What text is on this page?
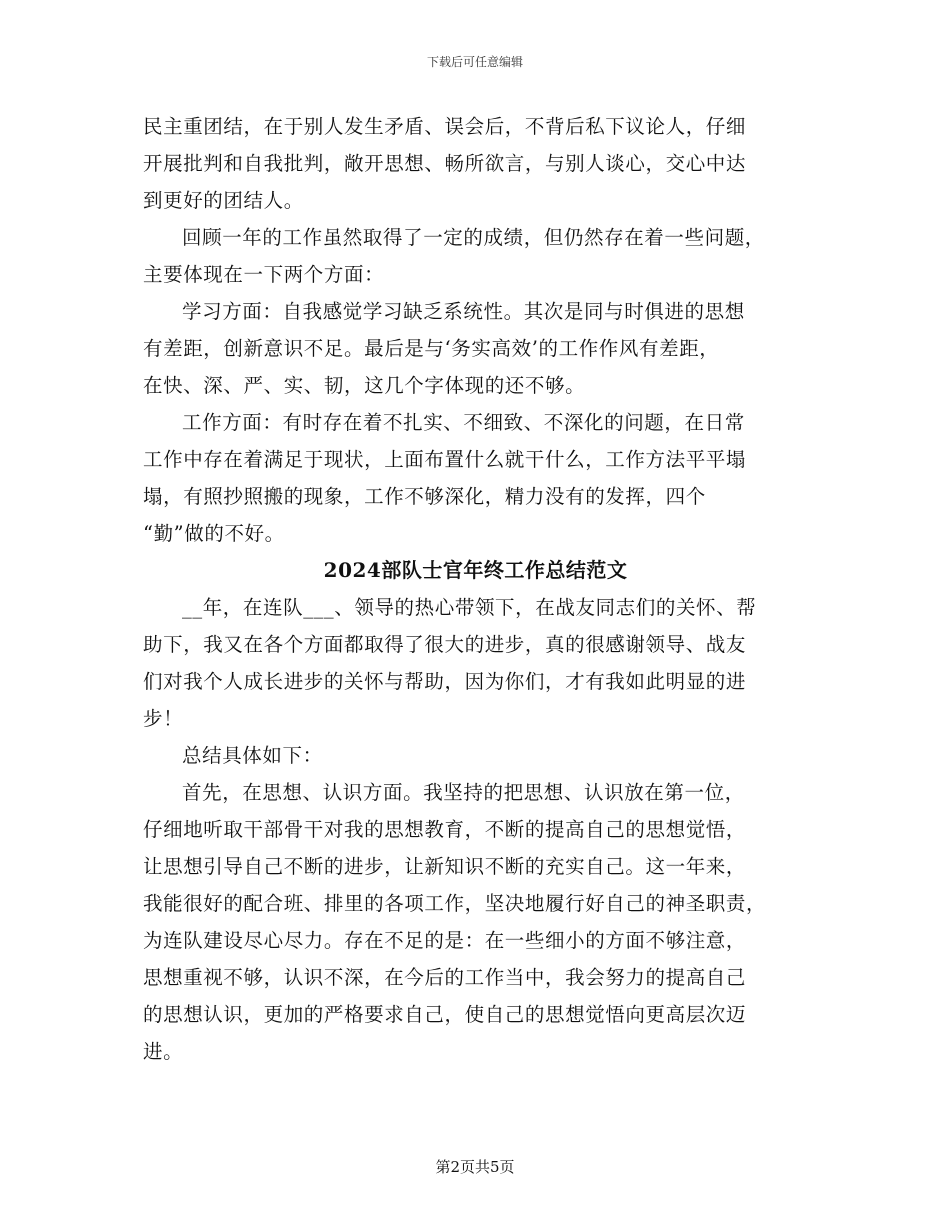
下载后可任意编辑

民主重团结，在于别人发生矛盾、误会后，不背后私下议论人，仔细
开展批判和自我批判，敞开思想、畅所欲言，与别人谈心，交心中达
到更好的团结人。

回顾一年的工作虽然取得了一定的成绩，但仍然存在着一些问题，
主要体现在一下两个方面：

学习方面：自我感觉学习缺乏系统性。其次是同与时俱进的思想
有差距，创新意识不足。最后是与‘务实高效’的工作作风有差距，
在快、深、严、实、韧，这几个字体现的还不够。

工作方面：有时存在着不扎实、不细致、不深化的问题，在日常
工作中存在着满足于现状，上面布置什么就干什么，工作方法平平塌
塌，有照抄照搬的现象，工作不够深化，精力没有的发挥，四个
“勤”做的不好。

2024部队士官年终工作总结范文

__年，在连队___、领导的热心带领下，在战友同志们的关怀、帮
助下，我又在各个方面都取得了很大的进步，真的很感谢领导、战友
们对我个人成长进步的关怀与帮助，因为你们，才有我如此明显的进
步！

总结具体如下：

首先，在思想、认识方面。我坚持的把思想、认识放在第一位，
仔细地听取干部骨干对我的思想教育，不断的提高自己的思想觉悟，
让思想引导自己不断的进步，让新知识不断的充实自己。这一年来，
我能很好的配合班、排里的各项工作，坚决地履行好自己的神圣职责，
为连队建设尽心尽力。存在不足的是：在一些细小的方面不够注意，
思想重视不够，认识不深，在今后的工作当中，我会努力的提高自己
的思想认识，更加的严格要求自己，使自己的思想觉悟向更高层次迈
进。

第2页共5页
